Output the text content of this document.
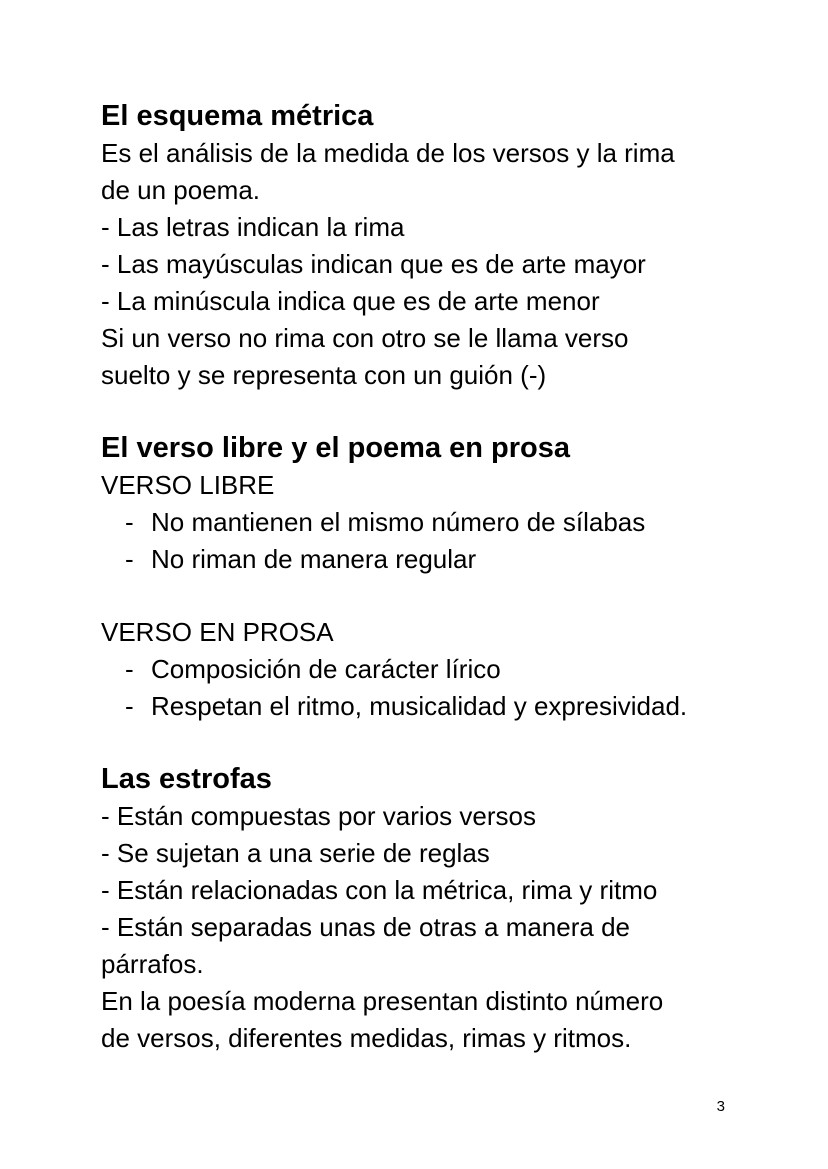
El esquema métrica

Es el análisis de la medida de los versos y la rima

de un poema.

- Las letras indican la rima

- Las mayúsculas indican que es de arte mayor

- La minúscula indica que es de arte menor

Si un verso no rima con otro se le llama verso

suelto y se representa con un guión (-)

El verso libre y el poema en prosa

VERSO LIBRE

- No mantienen el mismo número de sílabas
- No riman de manera regular

VERSO EN PROSA

- Composición de carácter lírico
- Respetan el ritmo, musicalidad y expresividad.
Las estrofas

- Están compuestas por varios versos

- Se sujetan a una serie de reglas

- Están relacionadas con la métrica, rima y ritmo

- Están separadas unas de otras a manera de

párrafos.

En la poesía moderna presentan distinto número

de versos, diferentes medidas, rimas y ritmos.

3
